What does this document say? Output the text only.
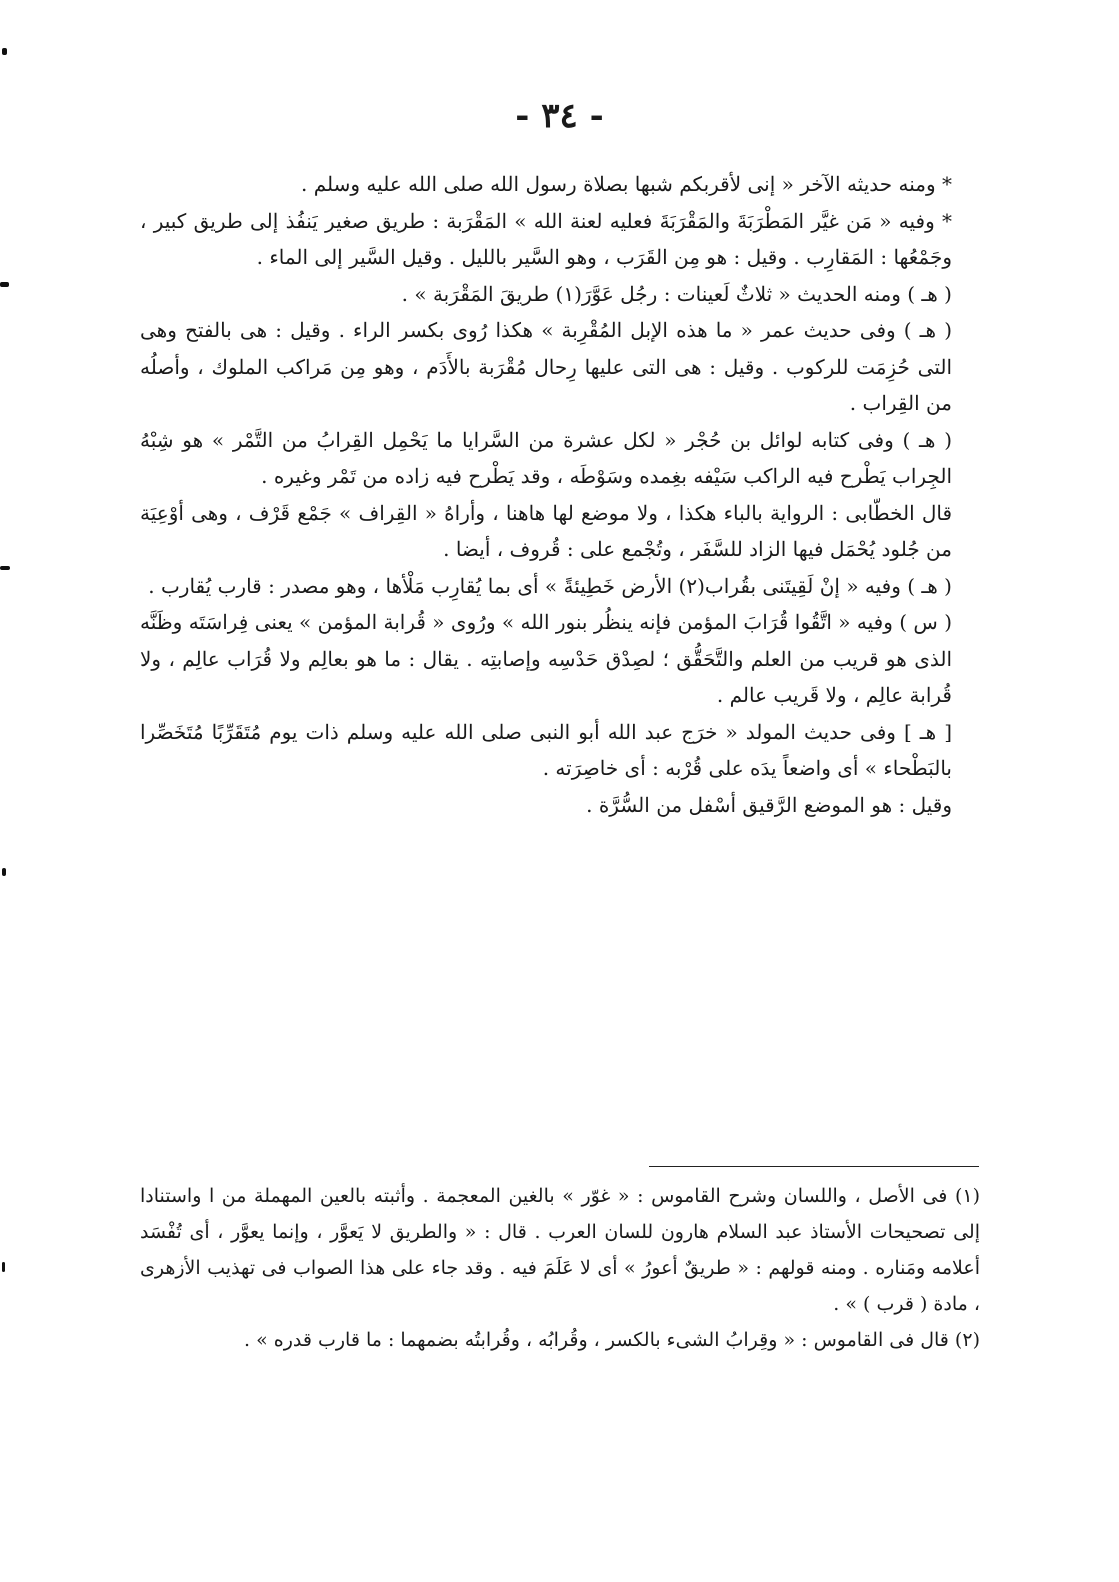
- ٣٤ -

* ومنه حديثه الآخر « إنى لأقربكم شبها بصلاة رسول الله صلى الله عليه وسلم .

* وفيه « مَن غيَّر المَطْرَبَةَ والمَقْرَبَةَ فعليه لعنة الله » المَقْرَبة : طريق صغير يَنفُذ إلى طريق كبير ، وجَمْعُها : المَقارِب . وقيل : هو مِن القَرَب ، وهو السَّير بالليل . وقيل السَّير إلى الماء .

( هـ ) ومنه الحديث « ثلاثٌ لَعينات : رجُل عَوَّرَ(١) طريقَ المَقْرَبة » .

( هـ ) وفى حديث عمر « ما هذه الإبل المُقْرِبة » هكذا رُوى بكسر الراء . وقيل : هى بالفتح وهى التى حُزِمَت للركوب . وقيل : هى التى عليها رِحال مُقْرَبة بالأَدَم ، وهو مِن مَراكب الملوك ، وأصلُه من القِراب .

( هـ ) وفى كتابه لوائل بن حُجْر « لكل عشرة من السَّرايا ما يَحْمِل القِرابُ من التَّمْر » هو شِبْهُ الجِراب يَطْرح فيه الراكب سَيْفه بغِمده وسَوْطَه ، وقد يَطْرح فيه زاده من تَمْر وغيره .

قال الخطّابى : الرواية بالباء هكذا ، ولا موضع لها هاهنا ، وأراهُ « القِراف » جَمْع قَرْف ، وهى أوْعِيَة من جُلود يُحْمَل فيها الزاد للسَّفَر ، وتُجْمع على : قُروف ، أيضا .

( هـ ) وفيه « إنْ لَقِيتَنى بقُراب(٢) الأرض خَطِيئةً » أى بما يُقارِب مَلْأها ، وهو مصدر : قارب يُقارب .

( س ) وفيه « اتَّقُوا قُرَابَ المؤمن فإنه ينظُر بنور الله » ورُوى « قُرابة المؤمن » يعنى فِراسَتَه وظَنَّه الذى هو قريب من العلم والتَّحَقُّق ؛ لصِدْق حَدْسِه وإصابتِه . يقال : ما هو بعالِم ولا قُرَاب عالِم ، ولا قُرابة عالِم ، ولا قَريب عالم .

[ هـ ] وفى حديث المولد « خرَج عبد الله أبو النبى صلى الله عليه وسلم ذات يوم مُتَقَرِّبًا مُتَخَصِّرا بالبَطْحاء » أى واضعاً يدَه على قُرْبه : أى خاصِرَته .

وقيل : هو الموضع الرَّقيق أسْفل من السُّرَّة .

(١) فى الأصل ، واللسان وشرح القاموس : « غوّر » بالغين المعجمة . وأثبته بالعين المهملة من ا واستنادا إلى تصحيحات الأستاذ عبد السلام هارون للسان العرب . قال : « والطريق لا يَعوَّر ، وإنما يعوَّر ، أى تُفْسَد أعلامه ومَناره . ومنه قولهم : « طريقٌ أعورُ » أى لا عَلَمَ فيه . وقد جاء على هذا الصواب فى تهذيب الأزهرى ، مادة ( قرب ) » .

(٢) قال فى القاموس : « وقِرابُ الشىء بالكسر ، وقُرابُه ، وقُرابتُه بضمهما : ما قارب قدره » .
